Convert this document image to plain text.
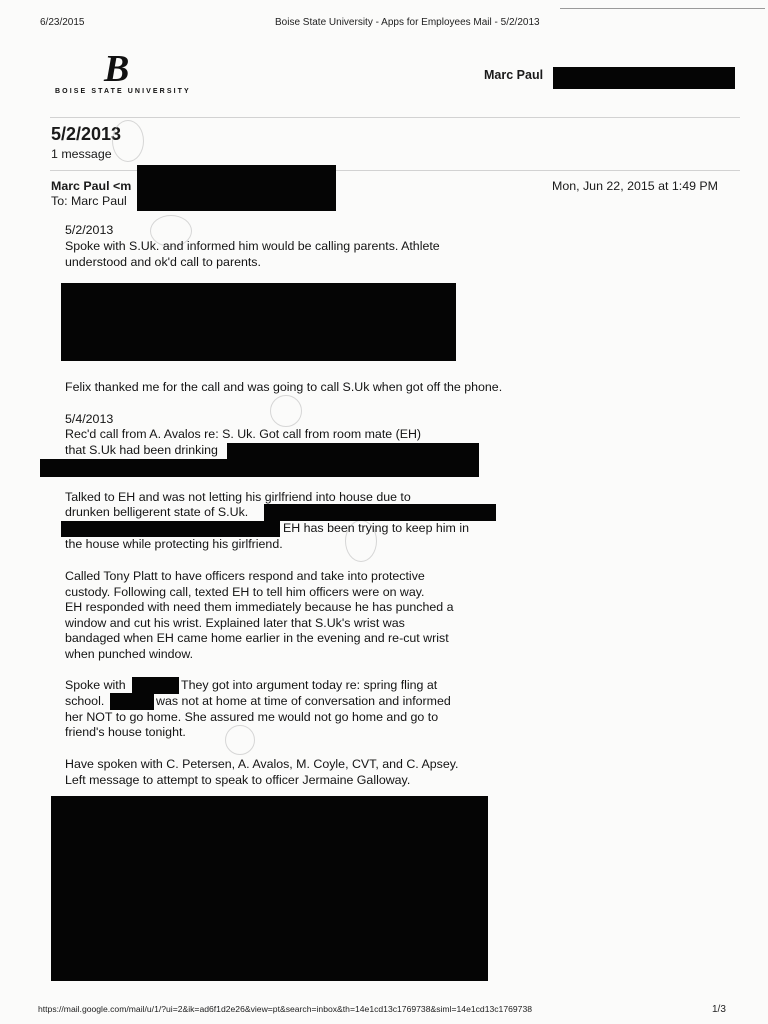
6/23/2015	Boise State University - Apps for Employees Mail - 5/2/2013
B
BOISE STATE UNIVERSITY
Marc Paul
5/2/2013
1 message
Marc Paul <m
To: Marc Paul
Mon, Jun 22, 2015 at 1:49 PM
5/2/2013
Spoke with S.Uk. and informed him would be calling parents. Athlete
understood and ok'd call to parents.
Felix thanked me for the call and was going to call S.Uk when got off the phone.
5/4/2013
Rec'd call from A. Avalos re: S. Uk. Got call from room mate (EH)
that S.Uk had been drinking
Talked to EH and was not letting his girlfriend into house due to
drunken belligerent state of S.Uk.
EH has been trying to keep him in
the house while protecting his girlfriend.
Called Tony Platt to have officers respond and take into protective
custody. Following call, texted EH to tell him officers were on way.
EH responded with need them immediately because he has punched a
window and cut his wrist. Explained later that S.Uk's wrist was
bandaged when EH came home earlier in the evening and re-cut wrist
when punched window.
Spoke with	They got into argument today re: spring fling at
school.	was not at home at time of conversation and informed
her NOT to go home. She assured me would not go home and go to
friend's house tonight.
Have spoken with C. Petersen, A. Avalos, M. Coyle, CVT, and C. Apsey.
Left message to attempt to speak to officer Jermaine Galloway.
https://mail.google.com/mail/u/1/?ui=2&ik=ad6f1d2e26&view=pt&search=inbox&th=14e1cd13c1769738&siml=14e1cd13c1769738	1/3
